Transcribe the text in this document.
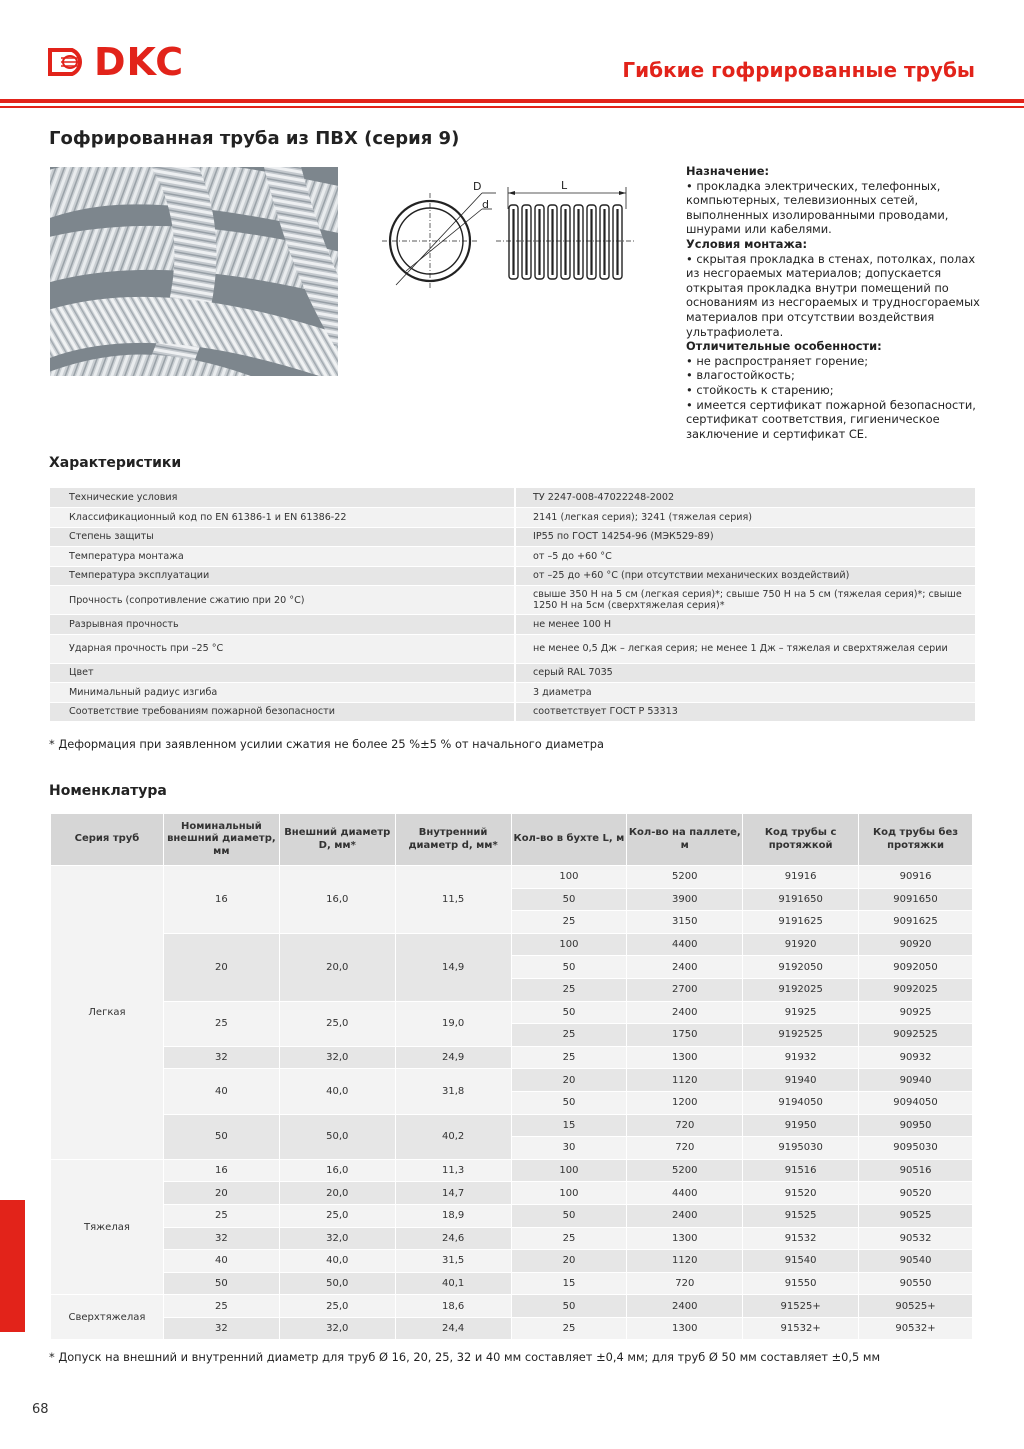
DKC	Гибкие гофрированные трубы
Гофрированная труба из ПВХ (серия 9)
D
d
L
Назначение:
• прокладка электрических, телефонных, компьютерных, телевизионных сетей, выполненных изолированными проводами, шнурами или кабелями.
Условия монтажа:
• скрытая прокладка в стенах, потолках, полах из несгораемых материалов; допускается открытая прокладка внутри помещений по основаниям из несгораемых и трудносгораемых материалов при отсутствии воздействия ультрафиолета.
Отличительные особенности:
• не распространяет горение;
• влагостойкость;
• стойкость к старению;
• имеется сертификат пожарной безопасности, сертификат соответствия, гигиеническое заключение и сертификат СЕ.
Характеристики
Технические условия	ТУ 2247-008-47022248-2002
Классификационный код по EN 61386-1 и EN 61386-22	2141 (легкая серия); 3241 (тяжелая серия)
Степень защиты	IP55 по ГОСТ 14254-96 (МЭК529-89)
Температура монтажа	от –5 до +60 °С
Температура эксплуатации	от –25 до +60 °С (при отсутствии механических воздействий)
Прочность (сопротивление сжатию при 20 °С)	свыше 350 Н на 5 см (легкая серия)*; свыше 750 Н на 5 см (тяжелая серия)*; свыше 1250 Н на 5см (сверхтяжелая серия)*
Разрывная прочность	не менее 100 Н
Ударная прочность при –25 °С	не менее 0,5 Дж – легкая серия; не менее 1 Дж – тяжелая и сверхтяжелая серии
Цвет	серый RAL 7035
Минимальный радиус изгиба	3 диаметра
Соответствие требованиям пожарной безопасности	соответствует ГОСТ Р 53313
* Деформация при заявленном усилии сжатия не более 25 %±5 % от начального диаметра
Номенклатура
Серия труб	Номинальный внешний диаметр, мм	Внешний диаметр D, мм*	Внутренний диаметр d, мм*	Кол-во в бухте L, м	Кол-во на паллете, м	Код трубы с протяжкой	Код трубы без протяжки
Легкая	16	16,0	11,5	100	5200	91916	90916
				50	3900	9191650	9091650
				25	3150	9191625	9091625
	20	20,0	14,9	100	4400	91920	90920
				50	2400	9192050	9092050
				25	2700	9192025	9092025
	25	25,0	19,0	50	2400	91925	90925
				25	1750	9192525	9092525
	32	32,0	24,9	25	1300	91932	90932
	40	40,0	31,8	20	1120	91940	90940
				50	1200	9194050	9094050
	50	50,0	40,2	15	720	91950	90950
				30	720	9195030	9095030
Тяжелая	16	16,0	11,3	100	5200	91516	90516
	20	20,0	14,7	100	4400	91520	90520
	25	25,0	18,9	50	2400	91525	90525
	32	32,0	24,6	25	1300	91532	90532
	40	40,0	31,5	20	1120	91540	90540
	50	50,0	40,1	15	720	91550	90550
Сверхтяжелая	25	25,0	18,6	50	2400	91525+	90525+
	32	32,0	24,4	25	1300	91532+	90532+
* Допуск на внешний и внутренний диаметр для труб Ø 16, 20, 25, 32 и 40 мм составляет ±0,4 мм; для труб Ø 50 мм составляет ±0,5 мм
68
